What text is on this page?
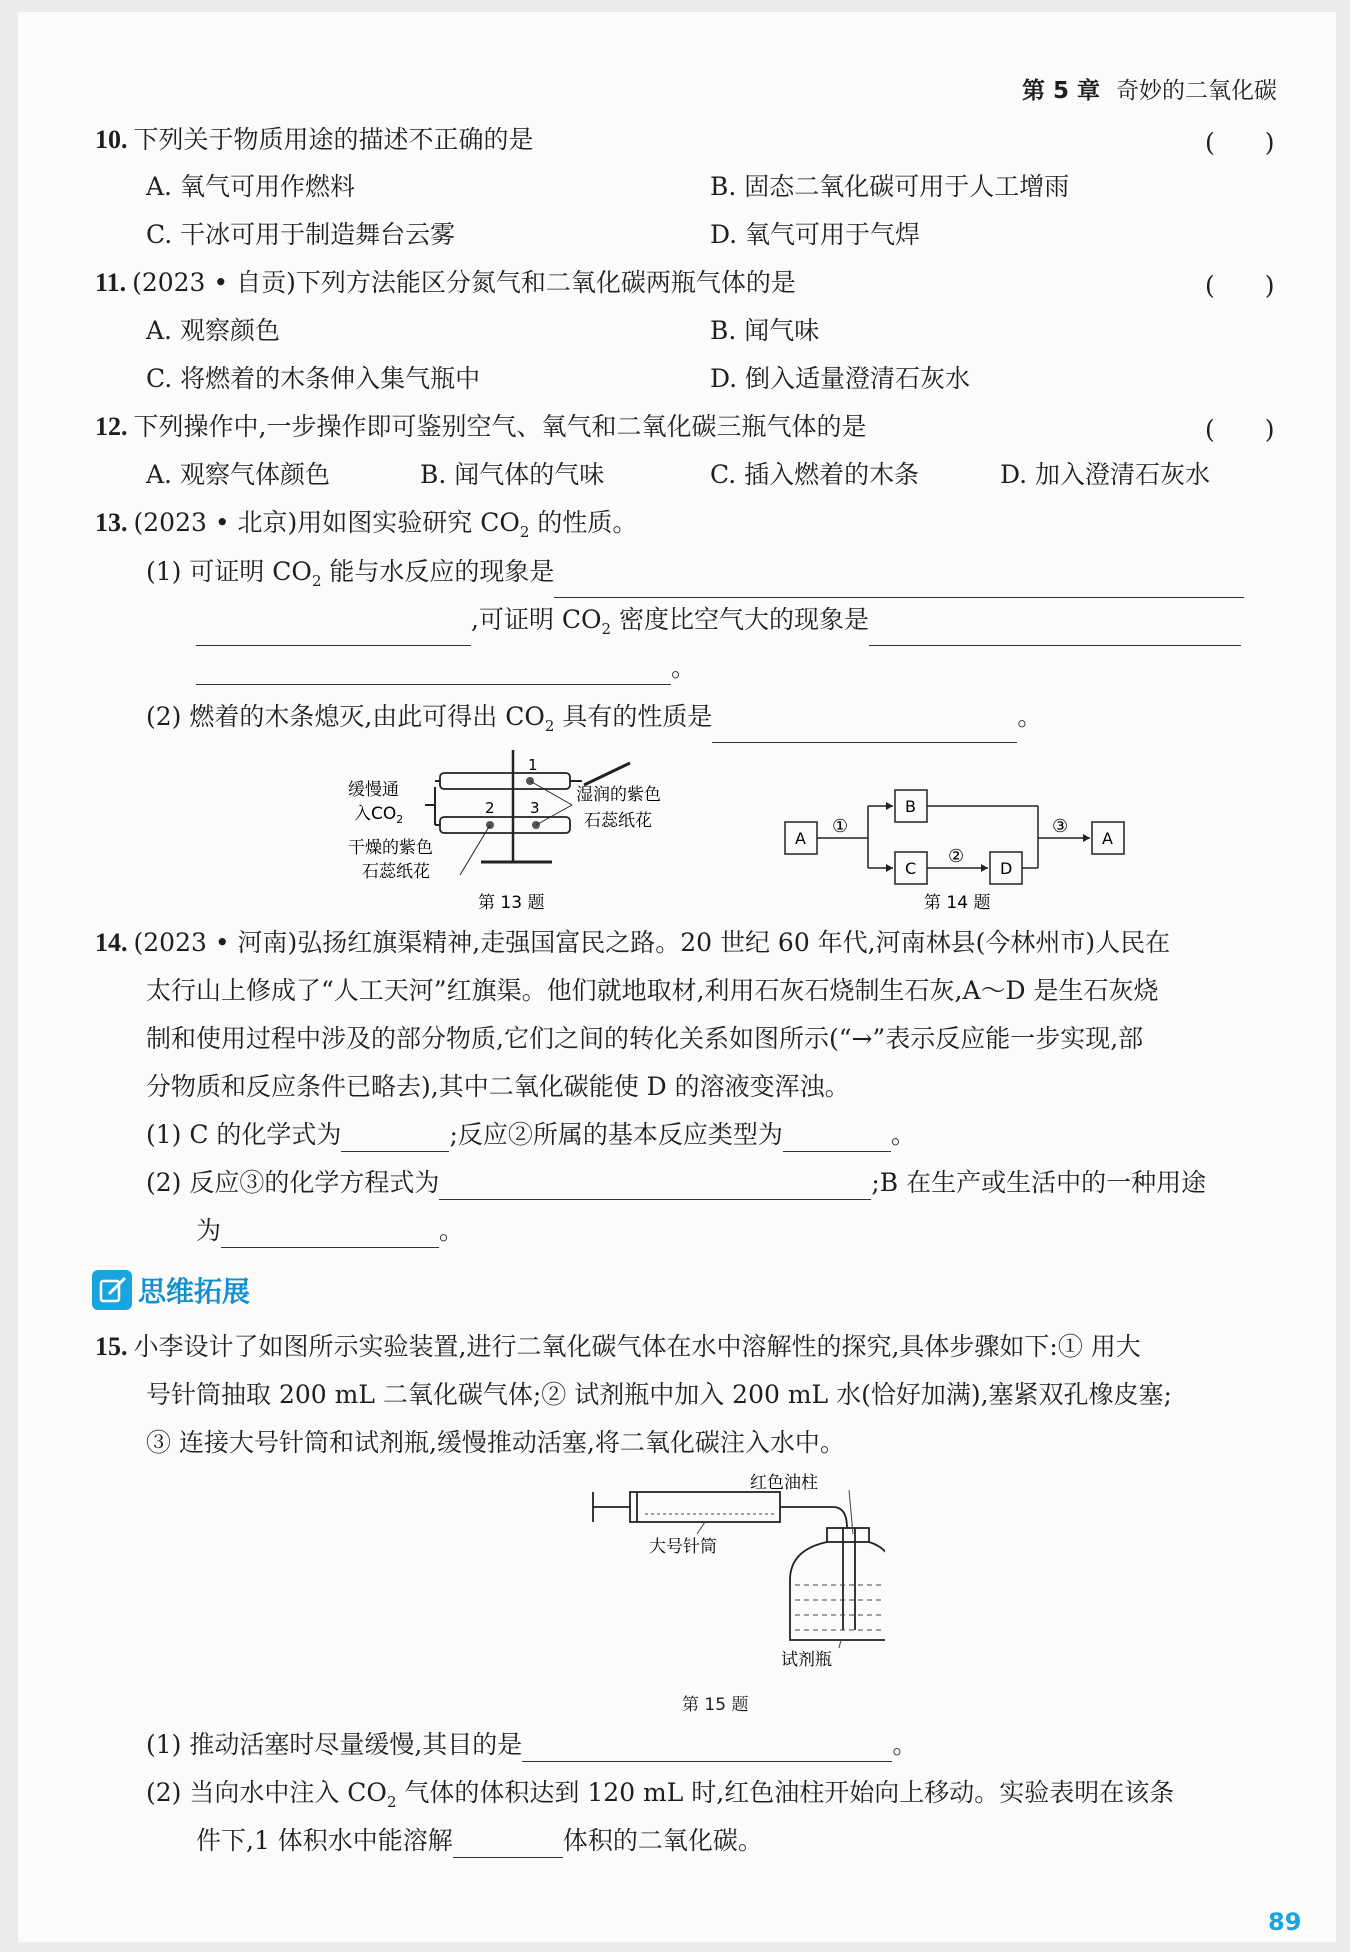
第 5 章 奇妙的二氧化碳
10. 下列关于物质用途的描述不正确的是	(　　)
A. 氧气可用作燃料	B. 固态二氧化碳可用于人工增雨
C. 干冰可用于制造舞台云雾	D. 氧气可用于气焊
11. (2023 • 自贡)下列方法能区分氮气和二氧化碳两瓶气体的是	(　　)
A. 观察颜色	B. 闻气味
C. 将燃着的木条伸入集气瓶中	D. 倒入适量澄清石灰水
12. 下列操作中,一步操作即可鉴别空气、氧气和二氧化碳三瓶气体的是	(　　)
A. 观察气体颜色	B. 闻气体的气味	C. 插入燃着的木条	D. 加入澄清石灰水
13. (2023 • 北京)用如图实验研究 $CO_2$ 的性质。
(1) 可证明 $CO_2$ 能与水反应的现象是
,可证明 $CO_2$ 密度比空气大的现象是
。
(2) 燃着的木条熄灭,由此可得出 $CO_2$ 具有的性质是	。
1
2 3
缓慢通
入$CO_2$
湿润的紫色
石蕊纸花
干燥的紫色
石蕊纸花
第 13 题
A
B
C	D
A
①
②
③
第 14 题
14. (2023 • 河南)弘扬红旗渠精神,走强国富民之路。20 世纪 60 年代,河南林县(今林州市)人民在
太行山上修成了“人工天河”红旗渠。他们就地取材,利用石灰石烧制生石灰,A～D 是生石灰烧
制和使用过程中涉及的部分物质,它们之间的转化关系如图所示(“→”表示反应能一步实现,部
分物质和反应条件已略去),其中二氧化碳能使 D 的溶液变浑浊。
(1) C 的化学式为	;反应②所属的基本反应类型为	。
(2) 反应③的化学方程式为	;B 在生产或生活中的一种用途
为	。
思维拓展
15. 小李设计了如图所示实验装置,进行二氧化碳气体在水中溶解性的探究,具体步骤如下:① 用大
号针筒抽取 200 mL 二氧化碳气体;② 试剂瓶中加入 200 mL 水(恰好加满),塞紧双孔橡皮塞;
③ 连接大号针筒和试剂瓶,缓慢推动活塞,将二氧化碳注入水中。
红色油柱
大号针筒
试剂瓶
第 15 题
(1) 推动活塞时尽量缓慢,其目的是	。
(2) 当向水中注入 $CO_2$ 气体的体积达到 120 mL 时,红色油柱开始向上移动。实验表明在该条
件下,1 体积水中能溶解	体积的二氧化碳。
89
